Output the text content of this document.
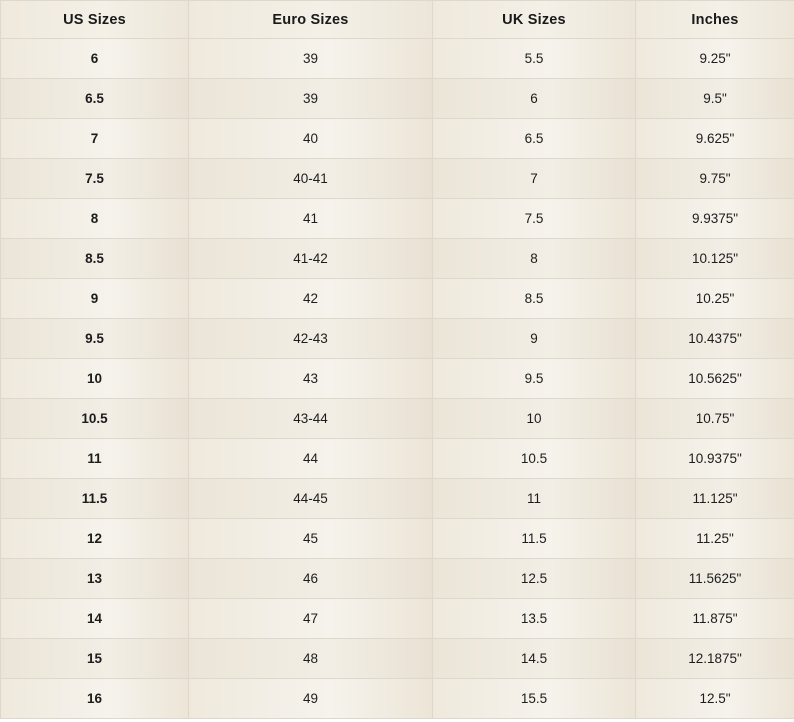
US Sizes	Euro Sizes	UK Sizes	Inches
6	39	5.5	9.25"
6.5	39	6	9.5"
7	40	6.5	9.625"
7.5	40-41	7	9.75"
8	41	7.5	9.9375"
8.5	41-42	8	10.125"
9	42	8.5	10.25"
9.5	42-43	9	10.4375"
10	43	9.5	10.5625"
10.5	43-44	10	10.75"
11	44	10.5	10.9375"
11.5	44-45	11	11.125"
12	45	11.5	11.25"
13	46	12.5	11.5625"
14	47	13.5	11.875"
15	48	14.5	12.1875"
16	49	15.5	12.5"
